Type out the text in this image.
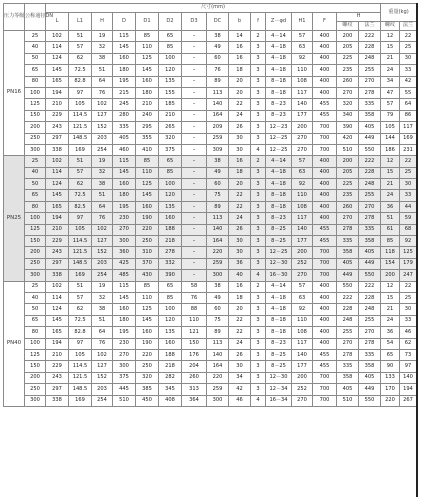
压力等级	公称通径DN	尺寸(mm)															重量(kg)	
		L	L1	H	D	D1	D2	D3	DC	b	f	Z－φd	H1	F	H			
															螺纹	法兰	螺纹	法兰
PN16	25	102	51	19	115	85	65	–	38	14	2	4－14	57	400	200	222	12	22
	40	114	57	32	145	110	85	–	49	16	3	4－18	63	400	205	228	15	25
	50	124	62	38	160	125	100	–	60	16	3	4－18	92	400	225	248	21	30
	65	145	72.5	51	180	145	120	–	76	18	3	4－18	110	400	235	255	24	33
	80	165	82.8	64	195	160	135	–	89	20	3	8－18	108	400	260	270	34	42
	100	194	97	76	215	180	155	–	113	20	3	8－18	117	400	270	278	47	55
	125	210	105	102	245	210	185	–	140	22	3	8－23	140	455	320	335	57	64
	150	229	114.5	127	280	240	210	–	164	24	3	8－23	177	455	340	358	79	86
	200	243	121.5	152	335	295	265	–	209	26	3	12－23	200	700	390	405	105	117
	250	297	148.5	203	405	355	320	–	259	30	3	12－25	270	700	420	449	144	169
	300	338	169	254	460	410	375	–	309	30	4	12－25	270	700	510	550	186	231
PN25	25	102	51	19	115	85	65	–	38	16	2	4－14	57	400	200	222	12	22
	40	114	57	32	145	110	85	–	49	18	3	4－18	63	400	205	228	15	25
	50	124	62	38	160	125	100	–	60	20	3	4－18	92	400	225	248	21	30
	65	145	72.5	51	180	145	120	–	75	22	3	8－18	110	400	235	255	24	33
	80	165	82.5	64	195	160	135	–	89	22	3	8－18	108	400	260	270	36	44
	100	194	97	76	230	190	160	–	113	24	3	8－23	117	400	270	278	51	59
	125	210	105	102	270	220	188	–	140	26	3	8－25	140	455	278	335	61	68
	150	229	114.5	127	300	250	218	–	164	30	3	8－25	177	455	335	358	85	92
	200	243	121.5	152	360	310	278	–	220	30	3	12－25	200	700	358	405	118	125
	250	297	148.5	203	425	370	332	–	259	36	3	12－30	252	700	405	449	154	179
	300	338	169	254	485	430	390	–	300	40	4	16－30	270	700	449	550	200	247
PN40	25	102	51	19	115	85	65	58	38	16	2	4－14	57	400	550	222	12	22
	40	114	57	32	145	110	85	76	49	18	3	4－18	63	400	222	228	15	25
	50	124	62	38	160	125	100	88	60	20	3	4－18	92	400	228	248	21	30
	65	145	72.5	51	180	145	120	110	75	22	3	8－18	110	400	248	255	24	33
	80	165	82.8	64	195	160	135	121	89	22	3	8－18	108	400	255	270	36	46
	100	194	97	76	230	190	160	150	113	24	3	8－23	117	400	270	278	54	62
	125	210	105	102	270	220	188	176	140	26	3	8－25	140	455	278	335	65	73
	150	229	114.5	127	300	250	218	204	164	30	3	8－25	177	455	335	358	90	97
	200	243	121.5	152	375	320	282	260	220	34	3	12－30	200	700	358	405	133	140
	250	297	148.5	203	445	385	345	313	259	42	3	12－34	252	700	405	449	170	194
	300	338	169	254	510	450	408	364	300	46	4	16－34	270	700	510	550	220	267
